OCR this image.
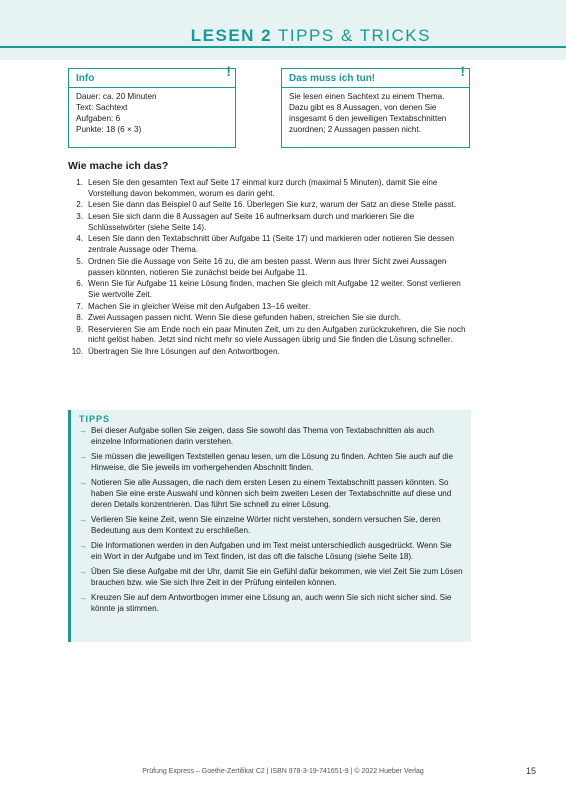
LESEN 2 TIPPS & TRICKS
Info	!
Dauer: ca. 20 Minuten
Text: Sachtext
Aufgaben: 6
Punkte: 18 (6 × 3)
Das muss ich tun!	!
Sie lesen einen Sachtext zu einem Thema. Dazu gibt es 8 Aussagen, von denen Sie insgesamt 6 den jeweiligen Textabschnitten zuordnen; 2 Aussagen passen nicht.
Wie mache ich das?
1. Lesen Sie den gesamten Text auf Seite 17 einmal kurz durch (maximal 5 Minuten), damit Sie eine Vorstellung davon bekommen, worum es darin geht.
2. Lesen Sie dann das Beispiel 0 auf Seite 16. Überlegen Sie kurz, warum der Satz an diese Stelle passt.
3. Lesen Sie sich dann die 8 Aussagen auf Seite 16 aufmerksam durch und markieren Sie die Schlüsselwörter (siehe Seite 14).
4. Lesen Sie dann den Textabschnitt über Aufgabe 11 (Seite 17) und markieren oder notieren Sie dessen zentrale Aussage oder Thema.
5. Ordnen Sie die Aussage von Seite 16 zu, die am besten passt. Wenn aus Ihrer Sicht zwei Aussagen passen könnten, notieren Sie zunächst beide bei Aufgabe 11.
6. Wenn Sie für Aufgabe 11 keine Lösung finden, machen Sie gleich mit Aufgabe 12 weiter. Sonst verlieren Sie wertvolle Zeit.
7. Machen Sie in gleicher Weise mit den Aufgaben 13–16 weiter.
8. Zwei Aussagen passen nicht. Wenn Sie diese gefunden haben, streichen Sie sie durch.
9. Reservieren Sie am Ende noch ein paar Minuten Zeit, um zu den Aufgaben zurückzukehren, die Sie noch nicht gelöst haben. Jetzt sind nicht mehr so viele Aussagen übrig und Sie finden die Lösung schneller.
10. Übertragen Sie Ihre Lösungen auf den Antwortbogen.
TIPPS
→ Bei dieser Aufgabe sollen Sie zeigen, dass Sie sowohl das Thema von Textabschnitten als auch einzelne Informationen darin verstehen.
→ Sie müssen die jeweiligen Textstellen genau lesen, um die Lösung zu finden. Achten Sie auch auf die Hinweise, die Sie jeweils im vorhergehenden Abschnitt finden.
→ Notieren Sie alle Aussagen, die nach dem ersten Lesen zu einem Textabschnitt passen könnten. So haben Sie eine erste Auswahl und können sich beim zweiten Lesen der Textabschnitte auf diese und deren Details konzentrieren. Das führt Sie schnell zu einer Lösung.
→ Verlieren Sie keine Zeit, wenn Sie einzelne Wörter nicht verstehen, sondern versuchen Sie, deren Bedeutung aus dem Kontext zu erschließen.
→ Die Informationen werden in den Aufgaben und im Text meist unterschiedlich ausgedrückt. Wenn Sie ein Wort in der Aufgabe und im Text finden, ist das oft die falsche Lösung (siehe Seite 18).
→ Üben Sie diese Aufgabe mit der Uhr, damit Sie ein Gefühl dafür bekommen, wie viel Zeit Sie zum Lösen brauchen bzw. wie Sie sich Ihre Zeit in der Prüfung einteilen können.
→ Kreuzen Sie auf dem Antwortbogen immer eine Lösung an, auch wenn Sie sich nicht sicher sind. Sie könnte ja stimmen.
Prüfung Express – Goethe-Zertifikat C2 | ISBN 978-3-19-741651-9 | © 2022 Hueber Verlag	15
